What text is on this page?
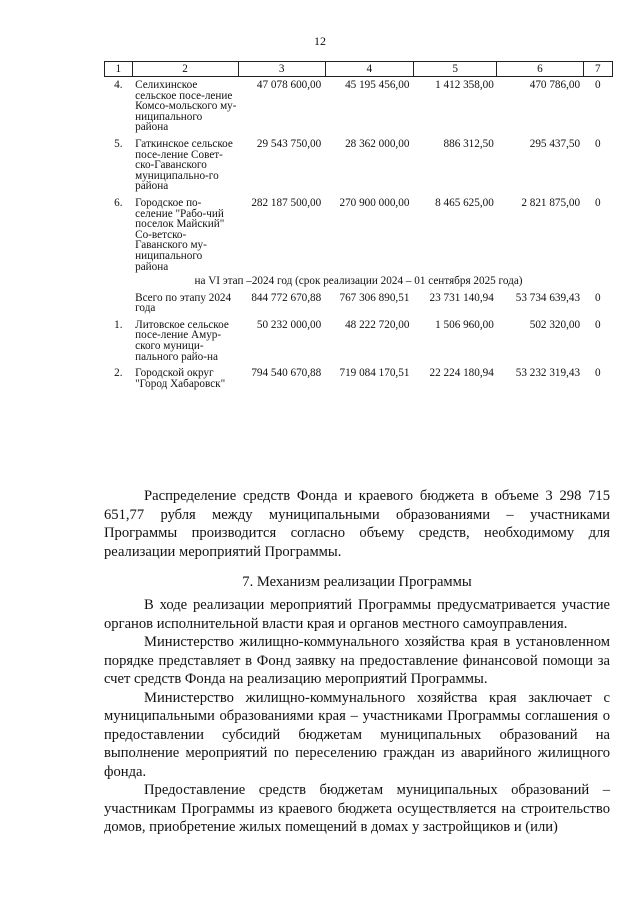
12
1	2	3	4	5	6	7
4.	Селихинское сельское посе-ление Комсо-мольского му-ниципального района	47 078 600,00	45 195 456,00	1 412 358,00	470 786,00	0
5.	Гаткинское сельское посе-ление Совет-ско-Гаванского муниципально-го района	29 543 750,00	28 362 000,00	886 312,50	295 437,50	0
6.	Городское по-селение "Рабо-чий поселок Майский" Со-ветско-Гаванского му-ниципального района	282 187 500,00	270 900 000,00	8 465 625,00	2 821 875,00	0
на VI этап –2024 год (срок реализации 2024 – 01 сентября 2025 года)						
	Всего по этапу 2024 года	844 772 670,88	767 306 890,51	23 731 140,94	53 734 639,43	0
1.	Литовское сельское посе-ление Амур-ского муници-пального райо-на	50 232 000,00	48 222 720,00	1 506 960,00	502 320,00	0
2.	Городской округ "Город Хабаровск"	794 540 670,88	719 084 170,51	22 224 180,94	53 232 319,43	0

Распределение средств Фонда и краевого бюджета в объеме 3 298 715 651,77 рубля между муниципальными образованиями – участниками Программы производится согласно объему средств, необходимому для реализации мероприятий Программы.

7. Механизм реализации Программы

В ходе реализации мероприятий Программы предусматривается участие органов исполнительной власти края и органов местного самоуправления.

Министерство жилищно-коммунального хозяйства края в установленном порядке представляет в Фонд заявку на предоставление финансовой помощи за счет средств Фонда на реализацию мероприятий Программы.

Министерство жилищно-коммунального хозяйства края заключает с муниципальными образованиями края – участниками Программы соглашения о предоставлении субсидий бюджетам муниципальных образований на выполнение мероприятий по переселению граждан из аварийного жилищного фонда.

Предоставление средств бюджетам муниципальных образований – участникам Программы из краевого бюджета осуществляется на строительство домов, приобретение жилых помещений в домах у застройщиков и (или)
